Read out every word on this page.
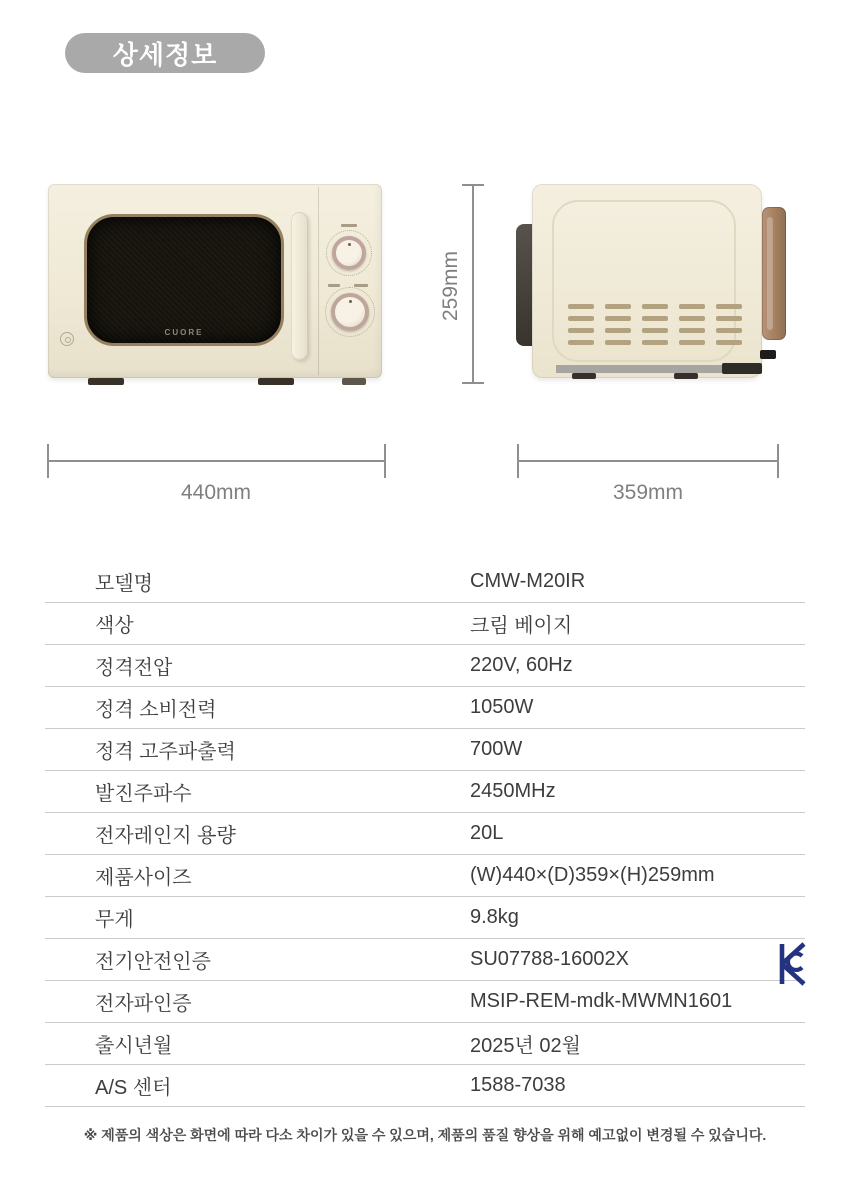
상세정보
CUORE
259mm
440mm	359mm
모델명	CMW-M20IR
색상	크림 베이지
정격전압	220V, 60Hz
정격 소비전력	1050W
정격 고주파출력	700W
발진주파수	2450MHz
전자레인지 용량	20L
제품사이즈	(W)440×(D)359×(H)259mm
무게	9.8kg
전기안전인증	SU07788-16002X
전자파인증	MSIP-REM-mdk-MWMN1601
출시년월	2025년 02월
A/S 센터	1588-7038
※ 제품의 색상은 화면에 따라 다소 차이가 있을 수 있으며, 제품의 품질 향상을 위해 예고없이 변경될 수 있습니다.
